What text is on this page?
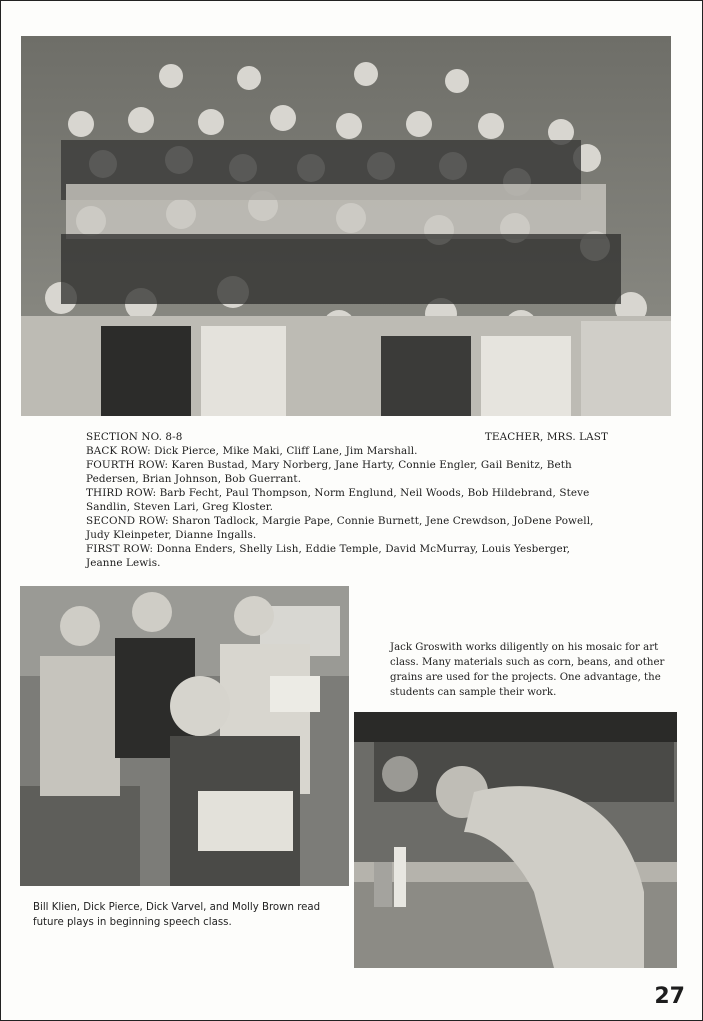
SECTION NO. 8-8	TEACHER, MRS. LAST
BACK ROW: Dick Pierce, Mike Maki, Cliff Lane, Jim Marshall.
FOURTH ROW: Karen Bustad, Mary Norberg, Jane Harty, Connie Engler, Gail Benitz, Beth Pedersen, Brian Johnson, Bob Guerrant.
THIRD ROW: Barb Fecht, Paul Thompson, Norm Englund, Neil Woods, Bob Hildebrand, Steve Sandlin, Steven Lari, Greg Kloster.
SECOND ROW: Sharon Tadlock, Margie Pape, Connie Burnett, Jene Crewdson, JoDene Powell, Judy Kleinpeter, Dianne Ingalls.
FIRST ROW: Donna Enders, Shelly Lish, Eddie Temple, David McMurray, Louis Yesberger, Jeanne Lewis.
Bill Klien, Dick Pierce, Dick Varvel, and Molly Brown read future plays in beginning speech class.
Jack Groswith works diligently on his mosaic for art class. Many materials such as corn, beans, and other grains are used for the projects. One advantage, the students can sample their work.
27
